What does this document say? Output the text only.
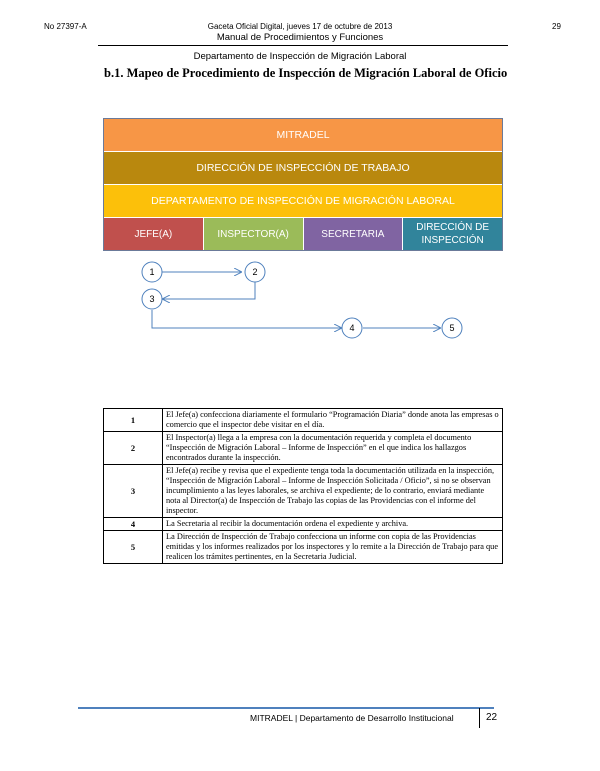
No 27397-A	Gaceta Oficial Digital, jueves 17 de octubre de 2013	29
Manual de Procedimientos y Funciones
Departamento de Inspección de Migración Laboral
b.1. Mapeo de Procedimiento de Inspección de Migración Laboral de Oficio
MITRADEL
DIRECCIÓN DE INSPECCIÓN DE TRABAJO
DEPARTAMENTO DE INSPECCIÓN DE MIGRACIÓN LABORAL
JEFE(A)	INSPECTOR(A)	SECRETARIA
DIRECCIÓN DE INSPECCIÓN
1	2
3
4	5
1	El Jefe(a) confecciona diariamente el formulario “Programación Diaria” donde anota las empresas o comercio que el inspector debe visitar en el día.
2	El Inspector(a) llega a la empresa con la documentación requerida y completa el documento “Inspección de Migración Laboral – Informe de Inspección” en el que indica los hallazgos encontrados durante la inspección.
3	El Jefe(a) recibe y revisa que el expediente tenga toda la documentación utilizada en la inspección, “Inspección de Migración Laboral – Informe de Inspección Solicitada / Oficio”, si no se observan incumplimiento a las leyes laborales, se archiva el expediente; de lo contrario, enviará mediante nota al Director(a) de Inspección de Trabajo las copias de las Providencias con el informe del inspector.
4	La Secretaria al recibir la documentación ordena el expediente y archiva.
5	La Dirección de Inspección de Trabajo confecciona un informe con copia de las Providencias emitidas y los informes realizados por los inspectores y lo remite a la Dirección de Trabajo para que realicen los trámites pertinentes, en la Secretaria Judicial.
MITRADEL | Departamento de Desarrollo Institucional	22
